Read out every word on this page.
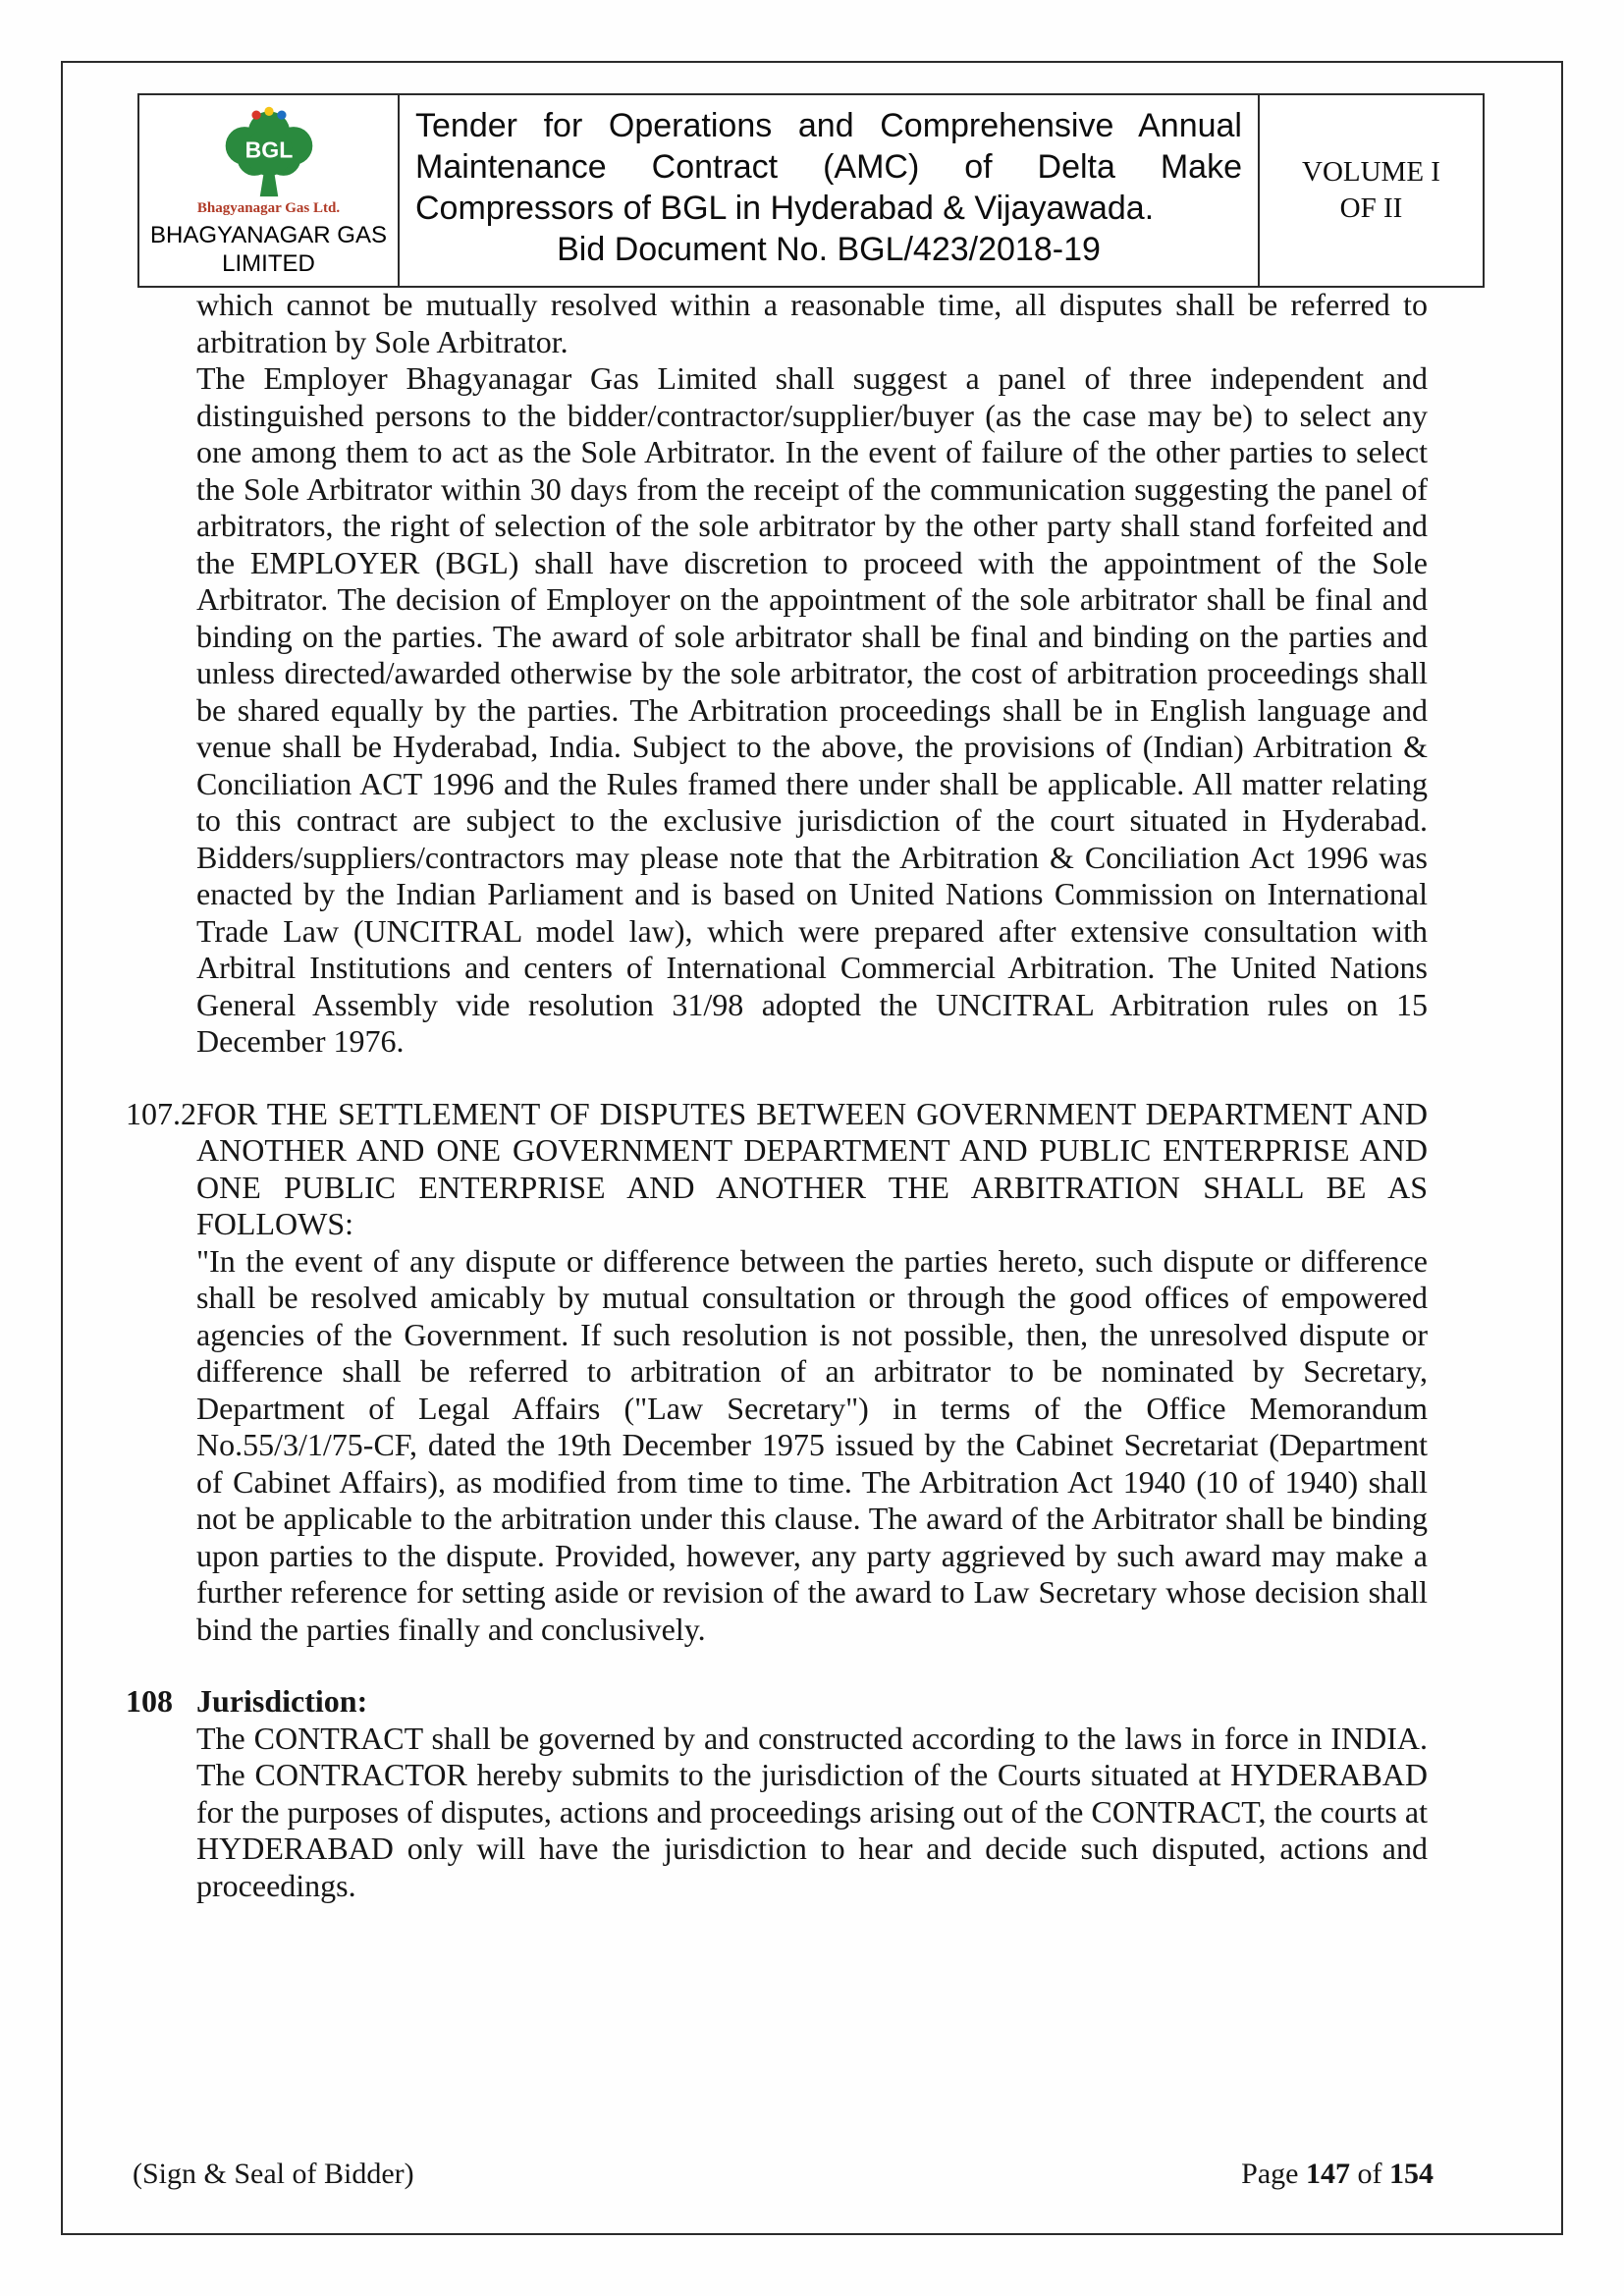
BGL
Bhagyanagar Gas Ltd.
BHAGYANAGAR GAS LIMITED
Tender for Operations and Comprehensive Annual Maintenance Contract (AMC) of Delta Make Compressors of BGL in Hyderabad & Vijayawada.
Bid Document No. BGL/423/2018-19
VOLUME I
OF II

which cannot be mutually resolved within a reasonable time, all disputes shall be referred to arbitration by Sole Arbitrator.

The Employer Bhagyanagar Gas Limited shall suggest a panel of three independent and distinguished persons to the bidder/contractor/supplier/buyer (as the case may be) to select any one among them to act as the Sole Arbitrator. In the event of failure of the other parties to select the Sole Arbitrator within 30 days from the receipt of the communication suggesting the panel of arbitrators, the right of selection of the sole arbitrator by the other party shall stand forfeited and the EMPLOYER (BGL) shall have discretion to proceed with the appointment of the Sole Arbitrator. The decision of Employer on the appointment of the sole arbitrator shall be final and binding on the parties. The award of sole arbitrator shall be final and binding on the parties and unless directed/awarded otherwise by the sole arbitrator, the cost of arbitration proceedings shall be shared equally by the parties. The Arbitration proceedings shall be in English language and venue shall be Hyderabad, India. Subject to the above, the provisions of (Indian) Arbitration & Conciliation ACT 1996 and the Rules framed there under shall be applicable. All matter relating to this contract are subject to the exclusive jurisdiction of the court situated in Hyderabad. Bidders/suppliers/contractors may please note that the Arbitration & Conciliation Act 1996 was enacted by the Indian Parliament and is based on United Nations Commission on International Trade Law (UNCITRAL model law), which were prepared after extensive consultation with Arbitral Institutions and centers of International Commercial Arbitration. The United Nations General Assembly vide resolution 31/98 adopted the UNCITRAL Arbitration rules on 15 December 1976.

107.2 FOR THE SETTLEMENT OF DISPUTES BETWEEN GOVERNMENT DEPARTMENT AND ANOTHER AND ONE GOVERNMENT DEPARTMENT AND PUBLIC ENTERPRISE AND ONE PUBLIC ENTERPRISE AND ANOTHER THE ARBITRATION SHALL BE AS FOLLOWS:

"In the event of any dispute or difference between the parties hereto, such dispute or difference shall be resolved amicably by mutual consultation or through the good offices of empowered agencies of the Government. If such resolution is not possible, then, the unresolved dispute or difference shall be referred to arbitration of an arbitrator to be nominated by Secretary, Department of Legal Affairs ("Law Secretary") in terms of the Office Memorandum No.55/3/1/75-CF, dated the 19th December 1975 issued by the Cabinet Secretariat (Department of Cabinet Affairs), as modified from time to time. The Arbitration Act 1940 (10 of 1940) shall not be applicable to the arbitration under this clause. The award of the Arbitrator shall be binding upon parties to the dispute. Provided, however, any party aggrieved by such award may make a further reference for setting aside or revision of the award to Law Secretary whose decision shall bind the parties finally and conclusively.

108 Jurisdiction:

The CONTRACT shall be governed by and constructed according to the laws in force in INDIA. The CONTRACTOR hereby submits to the jurisdiction of the Courts situated at HYDERABAD for the purposes of disputes, actions and proceedings arising out of the CONTRACT, the courts at HYDERABAD only will have the jurisdiction to hear and decide such disputed, actions and proceedings.

(Sign & Seal of Bidder)	Page 147 of 154
